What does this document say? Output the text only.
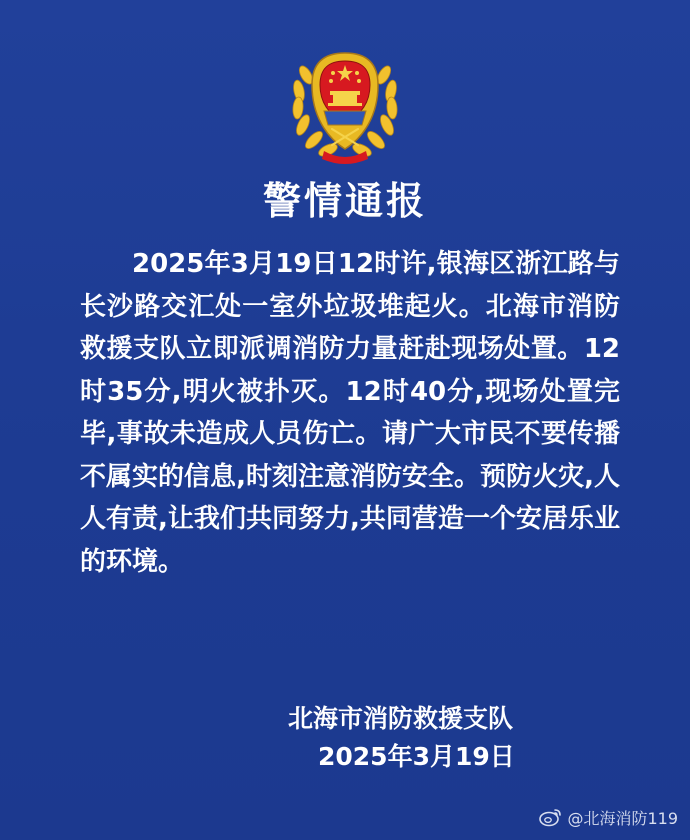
警情通报

2025年3月19日12时许,银海区浙江路与长沙路交汇处一室外垃圾堆起火。北海市消防救援支队立即派调消防力量赶赴现场处置。12时35分,明火被扑灭。12时40分,现场处置完毕,事故未造成人员伤亡。请广大市民不要传播不属实的信息,时刻注意消防安全。预防火灾,人人有责,让我们共同努力,共同营造一个安居乐业的环境。

北海市消防救援支队
2025年3月19日
@北海消防119
